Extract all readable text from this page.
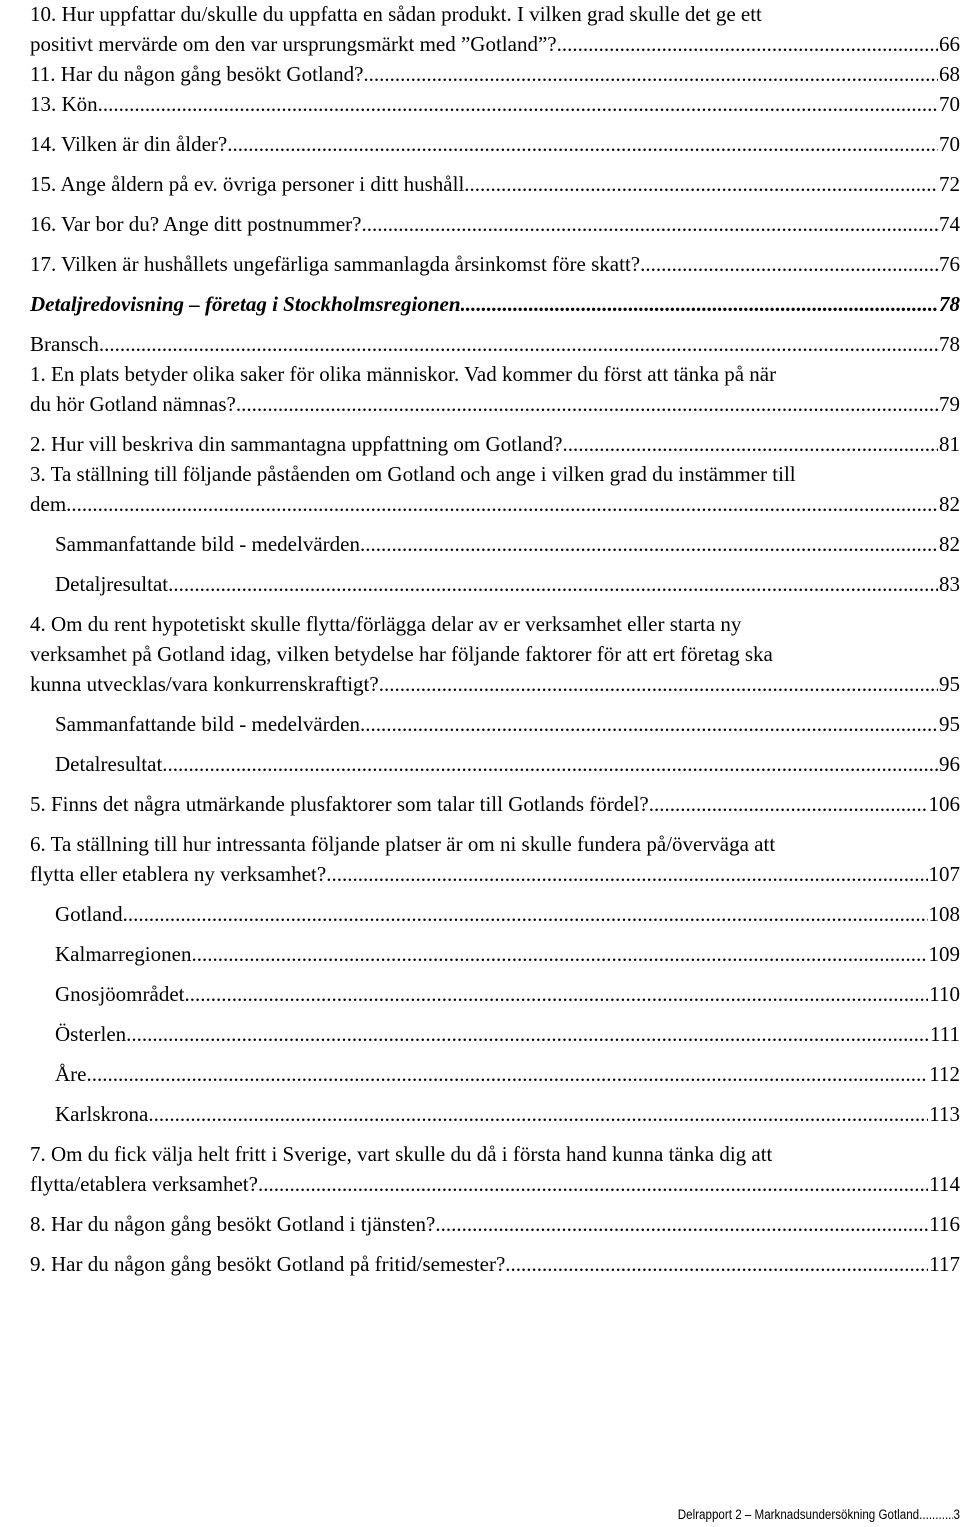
10. Hur uppfattar du/skulle du uppfatta en sådan produkt. I vilken grad skulle det ge ett
positivt mervärde om den var ursprungsmärkt med ”Gotland”? .....	66
11. Har du någon gång besökt Gotland? .....	68
13. Kön .....	70
14. Vilken är din ålder? .....	70
15. Ange åldern på ev. övriga personer i ditt hushåll. .....	72
16. Var bor du? Ange ditt postnummer? .....	74
17. Vilken är hushållets ungefärliga sammanlagda årsinkomst före skatt? .....	76
Detaljredovisning – företag i Stockholmsregionen .....	78
Bransch .....	78
1. En plats betyder olika saker för olika människor. Vad kommer du först att tänka på när
du hör Gotland nämnas? .....	79
2. Hur vill beskriva din sammantagna uppfattning om Gotland? .....	81
3. Ta ställning till följande påståenden om Gotland och ange i vilken grad du instämmer till
dem. .....	82
Sammanfattande bild - medelvärden .....	82
Detaljresultat .....	83
4. Om du rent hypotetiskt skulle flytta/förlägga delar av er verksamhet eller starta ny
verksamhet på Gotland idag, vilken betydelse har följande faktorer för att ert företag ska
kunna utvecklas/vara konkurrenskraftigt? .....	95
Sammanfattande bild - medelvärden .....	95
Detalresultat .....	96
5. Finns det några utmärkande plusfaktorer som talar till Gotlands fördel? .....	106
6. Ta ställning till hur intressanta följande platser är om ni skulle fundera på/överväga att
flytta eller etablera ny verksamhet? .....	107
Gotland .....	108
Kalmarregionen .....	109
Gnosjöområdet .....	110
Österlen .....	111
Åre .....	112
Karlskrona .....	113
7. Om du fick välja helt fritt i Sverige, vart skulle du då i första hand kunna tänka dig att
flytta/etablera verksamhet? .....	114
8. Har du någon gång besökt Gotland i tjänsten? .....	116
9. Har du någon gång besökt Gotland på fritid/semester? .....	117
Delrapport 2 – Marknadsundersökning Gotland .....	3
